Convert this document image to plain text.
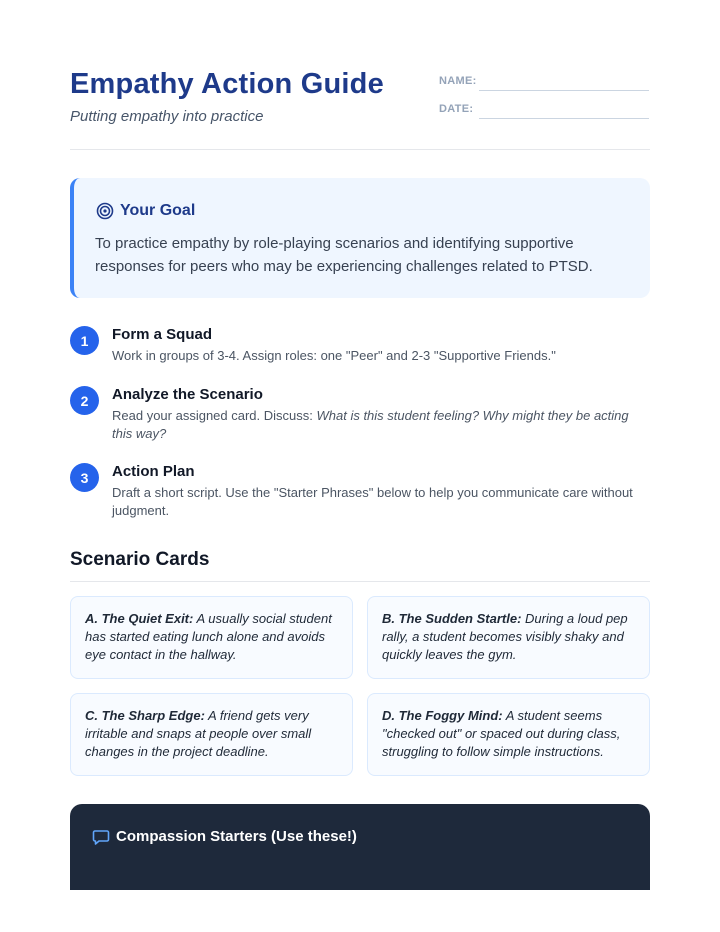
Empathy Action Guide
Putting empathy into practice
NAME:
DATE:
Your Goal
To practice empathy by role-playing scenarios and identifying supportive responses for peers who may be experiencing challenges related to PTSD.
1	Form a Squad
Work in groups of 3-4. Assign roles: one "Peer" and 2-3 "Supportive Friends."
2	Analyze the Scenario
Read your assigned card. Discuss: What is this student feeling? Why might they be acting this way?
3	Action Plan
Draft a short script. Use the "Starter Phrases" below to help you communicate care without judgment.
Scenario Cards
A. The Quiet Exit: A usually social student has started eating lunch alone and avoids eye contact in the hallway.
B. The Sudden Startle: During a loud pep rally, a student becomes visibly shaky and quickly leaves the gym.
C. The Sharp Edge: A friend gets very irritable and snaps at people over small changes in the project deadline.
D. The Foggy Mind: A student seems "checked out" or spaced out during class, struggling to follow simple instructions.
Compassion Starters (Use these!)
